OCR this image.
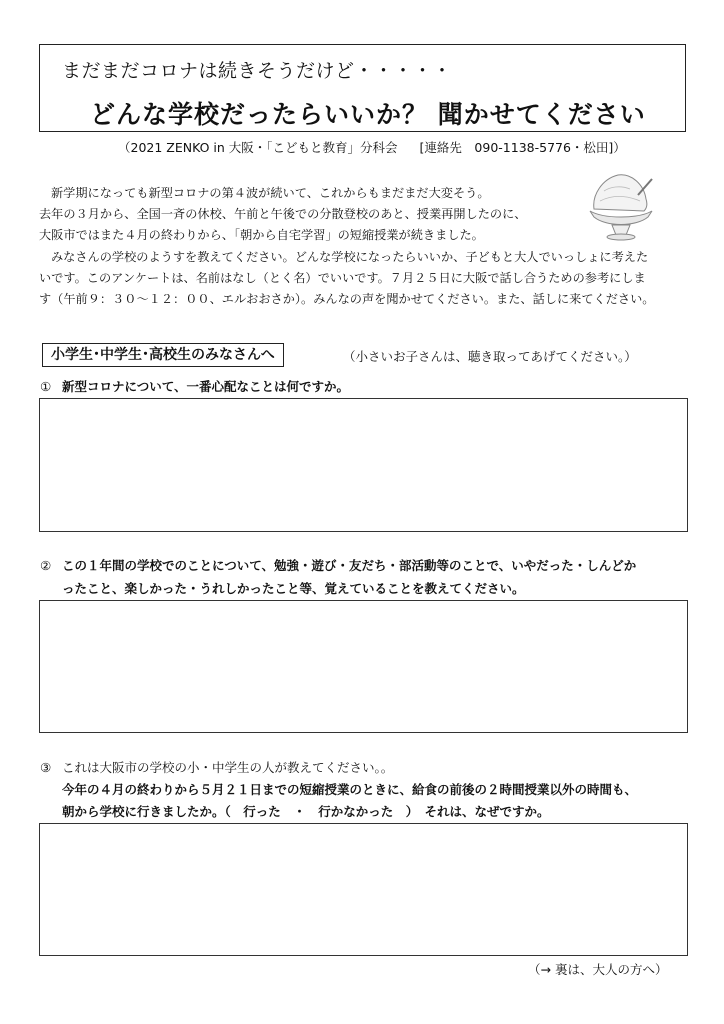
まだまだコロナは続きそうだけど・・・・・
どんな学校だったらいいか？ 聞かせてください
（2021 ZENKO in 大阪・「こどもと教育」分科会 [連絡先　090-1138-5776・松田]）

新学期になっても新型コロナの第４波が続いて、これからもまだまだ大変そう。

去年の３月から、全国一斉の休校、午前と午後での分散登校のあと、授業再開したのに、

大阪市ではまた４月の終わりから、「朝から自宅学習」の短縮授業が続きました。

みなさんの学校のようすを教えてください。どんな学校になったらいいか、子どもと大人でいっしょに考えた

いです。このアンケートは、名前はなし（とく名）でいいです。７月２５日に大阪で話し合うための参考にしま

す（午前９：３０〜１２：００、エルおおさか）。みんなの声を聞かせてください。また、話しに来てください。

小学生･中学生･高校生のみなさんへ	（小さいお子さんは、聴き取ってあげてください。）
① 新型コロナについて、一番心配なことは何ですか。
② この１年間の学校でのことについて、勉強・遊び・友だち・部活動等のことで、いやだった・しんどか
ったこと、楽しかった・うれしかったこと等、覚えていることを教えてください。
③ これは大阪市の学校の小・中学生の人が教えてください。。
今年の４月の終わりから５月２１日までの短縮授業のときに、給食の前後の２時間授業以外の時間も、
朝から学校に行きましたか。（　行った　・　行かなかった　）　それは、なぜですか。
（→ 裏は、大人の方へ）
